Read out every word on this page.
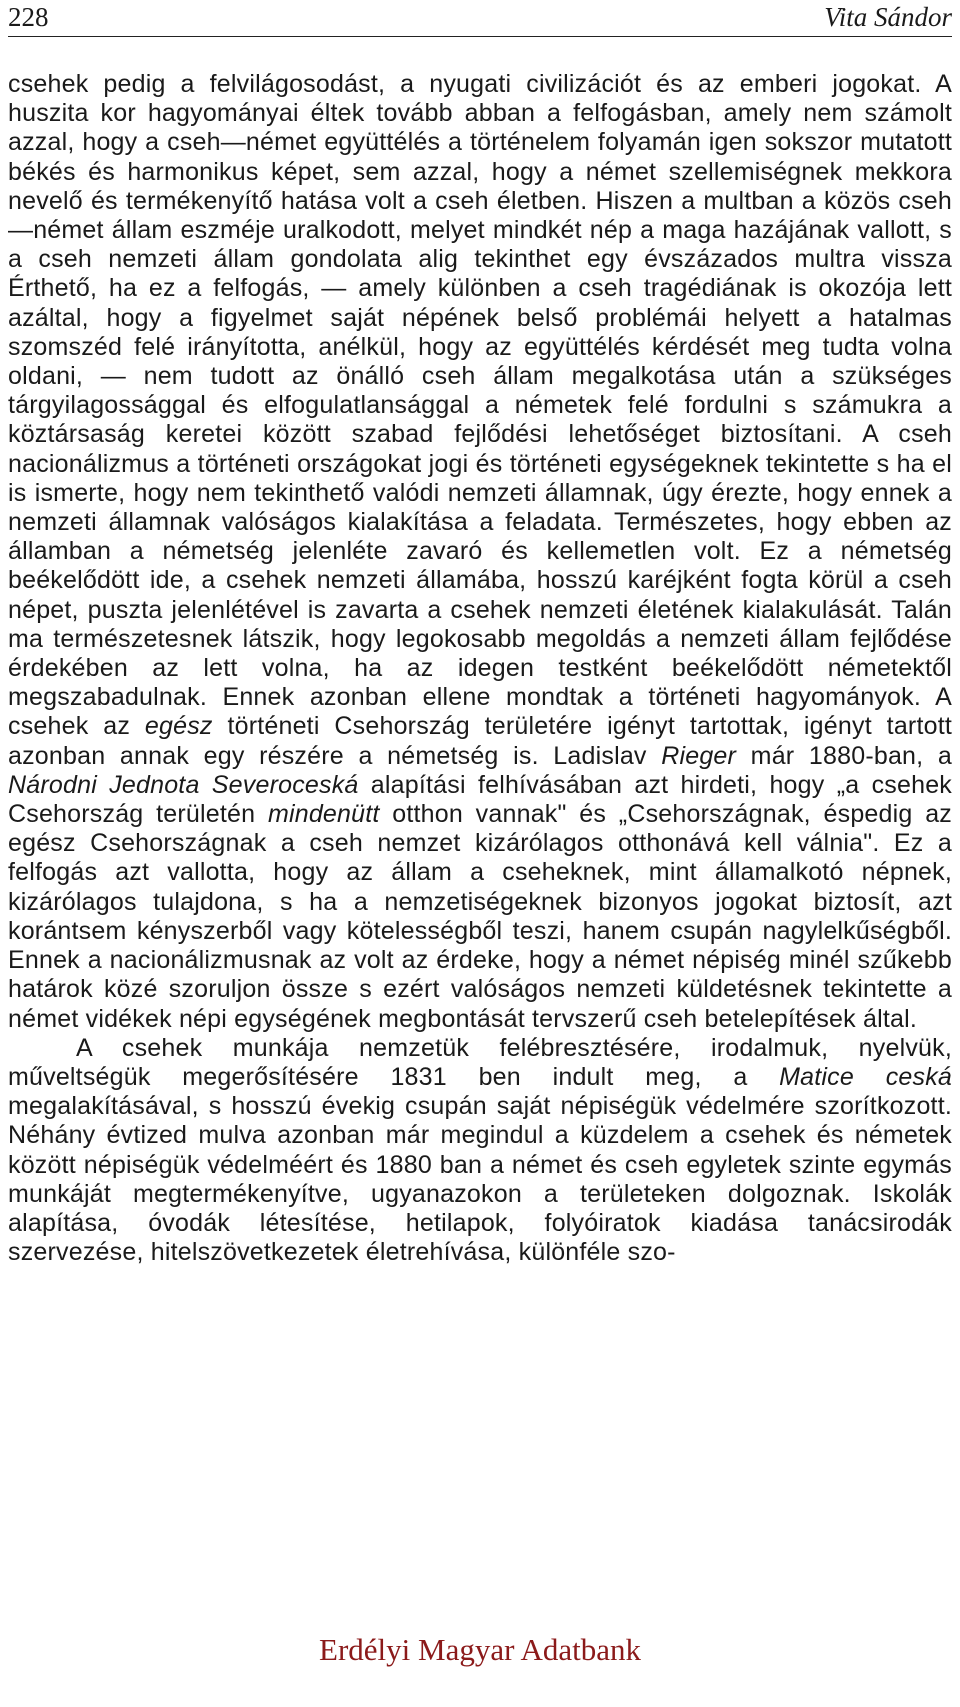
228	Vita Sándor

csehek pedig a felvilágosodást, a nyugati civilizációt és az emberi jogokat. A huszita kor hagyományai éltek tovább abban a felfogásban, amely nem számolt azzal, hogy a cseh—német együttélés a történelem folyamán igen sokszor mutatott békés és harmonikus képet, sem azzal, hogy a német szellemiségnek mekkora nevelő és termékenyítő hatása volt a cseh életben. Hiszen a multban a közös cseh—német állam eszméje uralkodott, melyet mindkét nép a maga hazájának vallott, s a cseh nemzeti állam gondolata alig tekinthet egy évszázados multra vissza Érthető, ha ez a felfogás, — amely különben a cseh tragédiának is okozója lett azáltal, hogy a figyelmet saját népének belső problémái helyett a hatalmas szomszéd felé irányította, anélkül, hogy az együttélés kérdését meg tudta volna oldani, — nem tudott az önálló cseh állam megalkotása után a szükséges tárgyilagossággal és elfogulatlansággal a németek felé fordulni s számukra a köztársaság keretei között szabad fejlődési lehetőséget biztosítani. A cseh nacionálizmus a történeti országokat jogi és történeti egységeknek tekintette s ha el is ismerte, hogy nem tekinthető valódi nemzeti államnak, úgy érezte, hogy ennek a nemzeti államnak valóságos kialakítása a feladata. Természetes, hogy ebben az államban a németség jelenléte zavaró és kellemetlen volt. Ez a németség beékelődött ide, a csehek nemzeti államába, hosszú karéjként fogta körül a cseh népet, puszta jelenlétével is zavarta a csehek nemzeti életének kialakulását. Talán ma természetesnek látszik, hogy legokosabb megoldás a nemzeti állam fejlődése érdekében az lett volna, ha az idegen testként beékelődött németektől megszabadulnak. Ennek azonban ellene mondtak a történeti hagyományok. A csehek az egész történeti Csehország területére igényt tartottak, igényt tartott azonban annak egy részére a németség is. Ladislav Rieger már 1880-ban, a Národni Jednota Severoceská alapítási felhívásában azt hirdeti, hogy „a csehek Csehország területén mindenütt otthon vannak" és „Csehországnak, éspedig az egész Csehországnak a cseh nemzet kizárólagos otthonává kell válnia". Ez a felfogás azt vallotta, hogy az állam a cseheknek, mint államalkotó népnek, kizárólagos tulajdona, s ha a nemzetiségeknek bizonyos jogokat biztosít, azt korántsem kényszerből vagy kötelességből teszi, hanem csupán nagylelkűségből. Ennek a nacionálizmusnak az volt az érdeke, hogy a német népiség minél szűkebb határok közé szoruljon össze s ezért valóságos nemzeti küldetésnek tekintette a német vidékek népi egységének megbontását tervszerű cseh betelepítések által.

A csehek munkája nemzetük felébresztésére, irodalmuk, nyelvük, műveltségük megerősítésére 1831 ben indult meg, a Matice ceská megalakításával, s hosszú évekig csupán saját népiségük védelmére szorítkozott. Néhány évtized mulva azonban már megindul a küzdelem a csehek és németek között népiségük védelméért és 1880 ban a német és cseh egyletek szinte egymás munkáját megtermékenyítve, ugyanazokon a területeken dolgoznak. Iskolák alapítása, óvodák létesítése, hetilapok, folyóiratok kiadása tanácsirodák szervezése, hitelszövetkezetek életrehívása, különféle szo-

Erdélyi Magyar Adatbank
